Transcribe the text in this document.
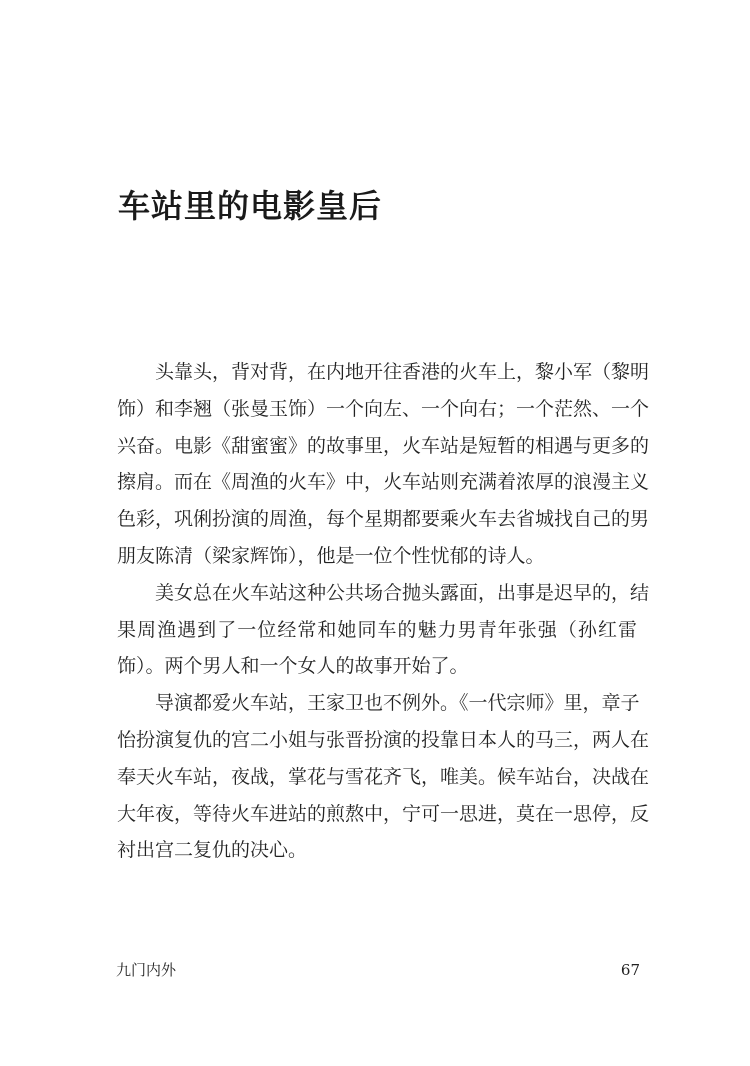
车站里的电影皇后

　　头靠头，背对背，在内地开往香港的火车上，黎小军（黎明
饰）和李翘（张曼玉饰）一个向左、一个向右；一个茫然、一个
兴奋。电影《甜蜜蜜》的故事里，火车站是短暂的相遇与更多的
擦肩。而在《周渔的火车》中，火车站则充满着浓厚的浪漫主义
色彩，巩俐扮演的周渔，每个星期都要乘火车去省城找自己的男
朋友陈清（梁家辉饰），他是一位个性忧郁的诗人。

　　美女总在火车站这种公共场合抛头露面，出事是迟早的，结
果周渔遇到了一位经常和她同车的魅力男青年张强（孙红雷
饰）。两个男人和一个女人的故事开始了。

　　导演都爱火车站，王家卫也不例外。《一代宗师》里，章子
怡扮演复仇的宫二小姐与张晋扮演的投靠日本人的马三，两人在
奉天火车站，夜战，掌花与雪花齐飞，唯美。候车站台，决战在
大年夜，等待火车进站的煎熬中，宁可一思进，莫在一思停，反
衬出宫二复仇的决心。

九门内外	67
